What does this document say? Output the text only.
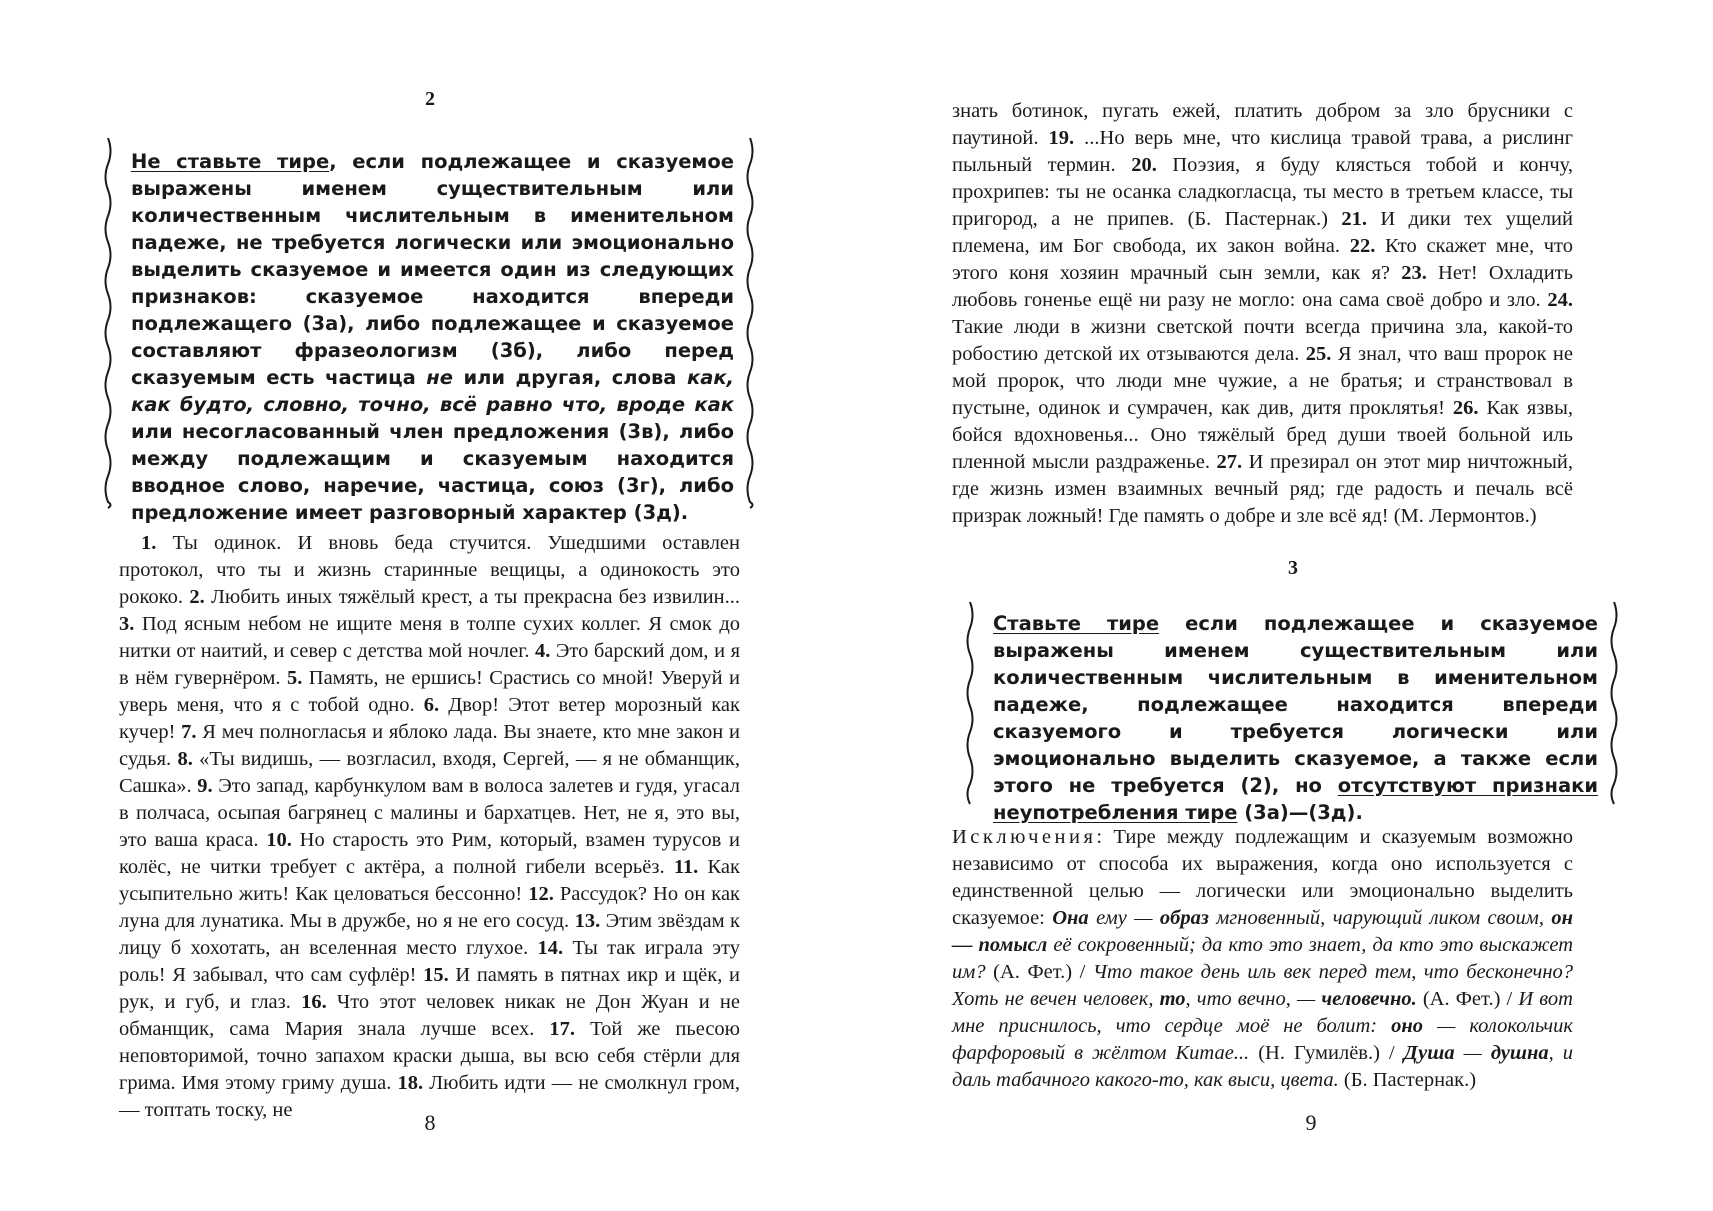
2

Не ставьте тире, если подлежащее и сказуемое выражены именем существительным или количественным числительным в именительном падеже, не требуется логически или эмоционально выделить сказуемое и имеется один из следующих признаков: сказуемое находится впереди подлежащего (3а), либо подлежащее и сказуемое составляют фразеологизм (3б), либо перед сказуемым есть частица не или другая, слова как, как будто, словно, точно, всё равно что, вроде как или несогласованный член предложения (3в), либо между подлежащим и сказуемым находится вводное слово, наречие, частица, союз (3г), либо предложение имеет разговорный характер (3д).

1. Ты одинок. И вновь беда стучится. Ушедшими оставлен протокол, что ты и жизнь старинные вещицы, а одинокость это рококо. 2. Любить иных тяжёлый крест, а ты прекрасна без извилин... 3. Под ясным небом не ищите меня в толпе сухих коллег. Я смок до нитки от наитий, и север с детства мой ночлег. 4. Это барский дом, и я в нём гувернёром. 5. Память, не ершись! Срастись со мной! Уверуй и уверь меня, что я с тобой одно. 6. Двор! Этот ветер морозный как кучер! 7. Я меч полногласья и яблоко лада. Вы знаете, кто мне закон и судья. 8. «Ты видишь, — возгласил, входя, Сергей, — я не обманщик, Сашка». 9. Это запад, карбункулом вам в волоса залетев и гудя, угасал в полчаса, осыпая багрянец с малины и бархатцев. Нет, не я, это вы, это ваша краса. 10. Но старость это Рим, который, взамен турусов и колёс, не читки требует с актёра, а полной гибели всерьёз. 11. Как усыпительно жить! Как целоваться бессонно! 12. Рассудок? Но он как луна для лунатика. Мы в дружбе, но я не его сосуд. 13. Этим звёздам к лицу б хохотать, ан вселенная место глухое. 14. Ты так играла эту роль! Я забывал, что сам суфлёр! 15. И память в пятнах икр и щёк, и рук, и губ, и глаз. 16. Что этот человек никак не Дон Жуан и не обманщик, сама Мария знала лучше всех. 17. Той же пьесою неповторимой, точно запахом краски дыша, вы всю себя стёрли для грима. Имя этому гриму душа. 18. Любить идти — не смолкнул гром, — топтать тоску, не	8

знать ботинок, пугать ежей, платить добром за зло брусники с паутиной. 19. ...Но верь мне, что кислица травой трава, а рислинг пыльный термин. 20. Поэзия, я буду клясться тобой и кончу, прохрипев: ты не осанка сладкогласца, ты место в третьем классе, ты пригород, а не припев. (Б. Пастернак.) 21. И дики тех ущелий племена, им Бог свобода, их закон война. 22. Кто скажет мне, что этого коня хозяин мрачный сын земли, как я? 23. Нет! Охладить любовь гоненье ещё ни разу не могло: она сама своё добро и зло. 24. Такие люди в жизни светской почти всегда причина зла, какой-то робостию детской их отзываются дела. 25. Я знал, что ваш пророк не мой пророк, что люди мне чужие, а не братья; и странствовал в пустыне, одинок и сумрачен, как див, дитя проклятья! 26. Как язвы, бойся вдохновенья... Оно тяжёлый бред души твоей больной иль пленной мысли раздраженье. 27. И презирал он этот мир ничтожный, где жизнь измен взаимных вечный ряд; где радость и печаль всё призрак ложный! Где память о добре и зле всё яд! (М. Лермонтов.)

3

Ставьте тире если подлежащее и сказуемое выражены именем существительным или количественным числительным в именительном падеже, подлежащее находится впереди сказуемого и требуется логически или эмоционально выделить сказуемое, а также если этого не требуется (2), но отсутствуют признаки неупотребления тире (3а)—(3д).

Исключения: Тире между подлежащим и сказуемым возможно независимо от способа их выражения, когда оно используется с единственной целью — логически или эмоционально выделить сказуемое: Она ему — образ мгновенный, чарующий ликом своим, он — помысл её сокровенный; да кто это знает, да кто это выскажет им? (А. Фет.) / Что такое день иль век перед тем, что бесконечно? Хоть не вечен человек, то, что вечно, — человечно. (А. Фет.) / И вот мне приснилось, что сердце моё не болит: оно — колокольчик фарфоровый в жёлтом Китае... (Н. Гумилёв.) / Душа — душна, и даль табачного какого-то, как выси, цвета. (Б. Пастернак.)

9
